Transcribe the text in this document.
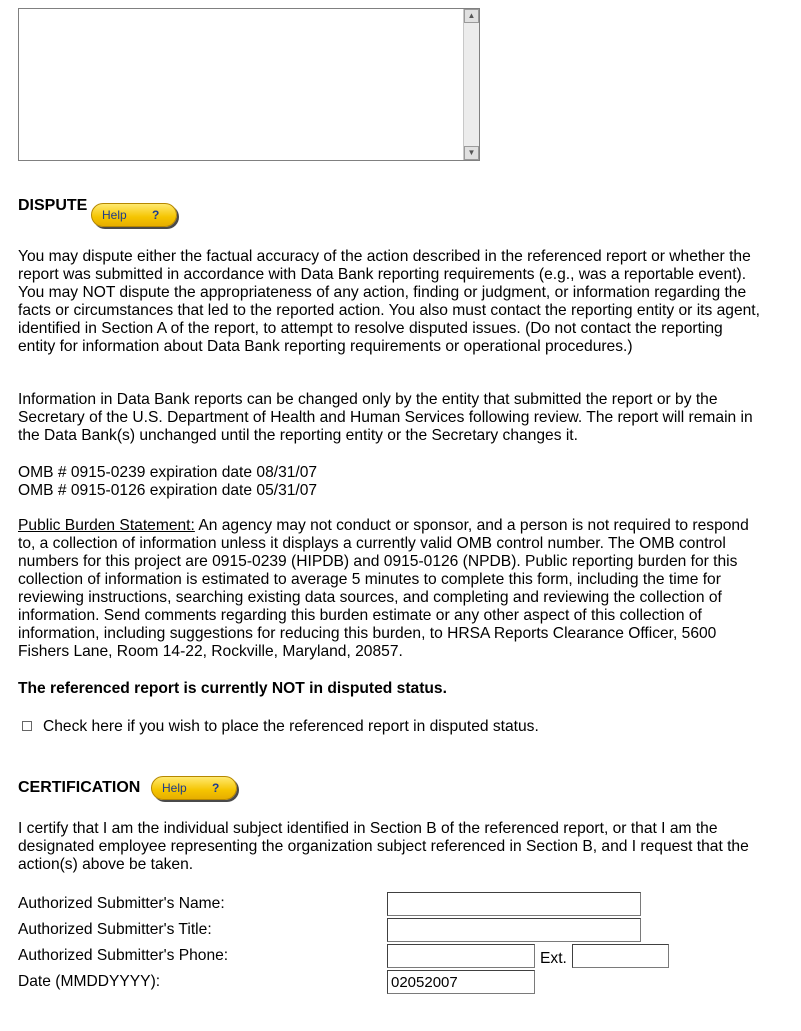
▲
▼
DISPUTE
Help ?

You may dispute either the factual accuracy of the action described in the referenced report or whether the report was submitted in accordance with Data Bank reporting requirements (e.g., was a reportable event). You may NOT dispute the appropriateness of any action, finding or judgment, or information regarding the facts or circumstances that led to the reported action. You also must contact the reporting entity or its agent, identified in Section A of the report, to attempt to resolve disputed issues. (Do not contact the reporting entity for information about Data Bank reporting requirements or operational procedures.)

Information in Data Bank reports can be changed only by the entity that submitted the report or by the Secretary of the U.S. Department of Health and Human Services following review. The report will remain in the Data Bank(s) unchanged until the reporting entity or the Secretary changes it.

OMB # 0915-0239 expiration date 08/31/07
OMB # 0915-0126 expiration date 05/31/07

Public Burden Statement: An agency may not conduct or sponsor, and a person is not required to respond to, a collection of information unless it displays a currently valid OMB control number. The OMB control numbers for this project are 0915-0239 (HIPDB) and 0915-0126 (NPDB). Public reporting burden for this collection of information is estimated to average 5 minutes to complete this form, including the time for reviewing instructions, searching existing data sources, and completing and reviewing the collection of information. Send comments regarding this burden estimate or any other aspect of this collection of information, including suggestions for reducing this burden, to HRSA Reports Clearance Officer, 5600 Fishers Lane, Room 14-22, Rockville, Maryland, 20857.

The referenced report is currently NOT in disputed status.
Check here if you wish to place the referenced report in disputed status.
CERTIFICATION Help ?

I certify that I am the individual subject identified in Section B of the referenced report, or that I am the designated employee representing the organization subject referenced in Section B, and I request that the action(s) above be taken.

Authorized Submitter's Name:
Authorized Submitter's Title:
Authorized Submitter's Phone:	Ext.
Date (MMDDYYYY):
02052007
